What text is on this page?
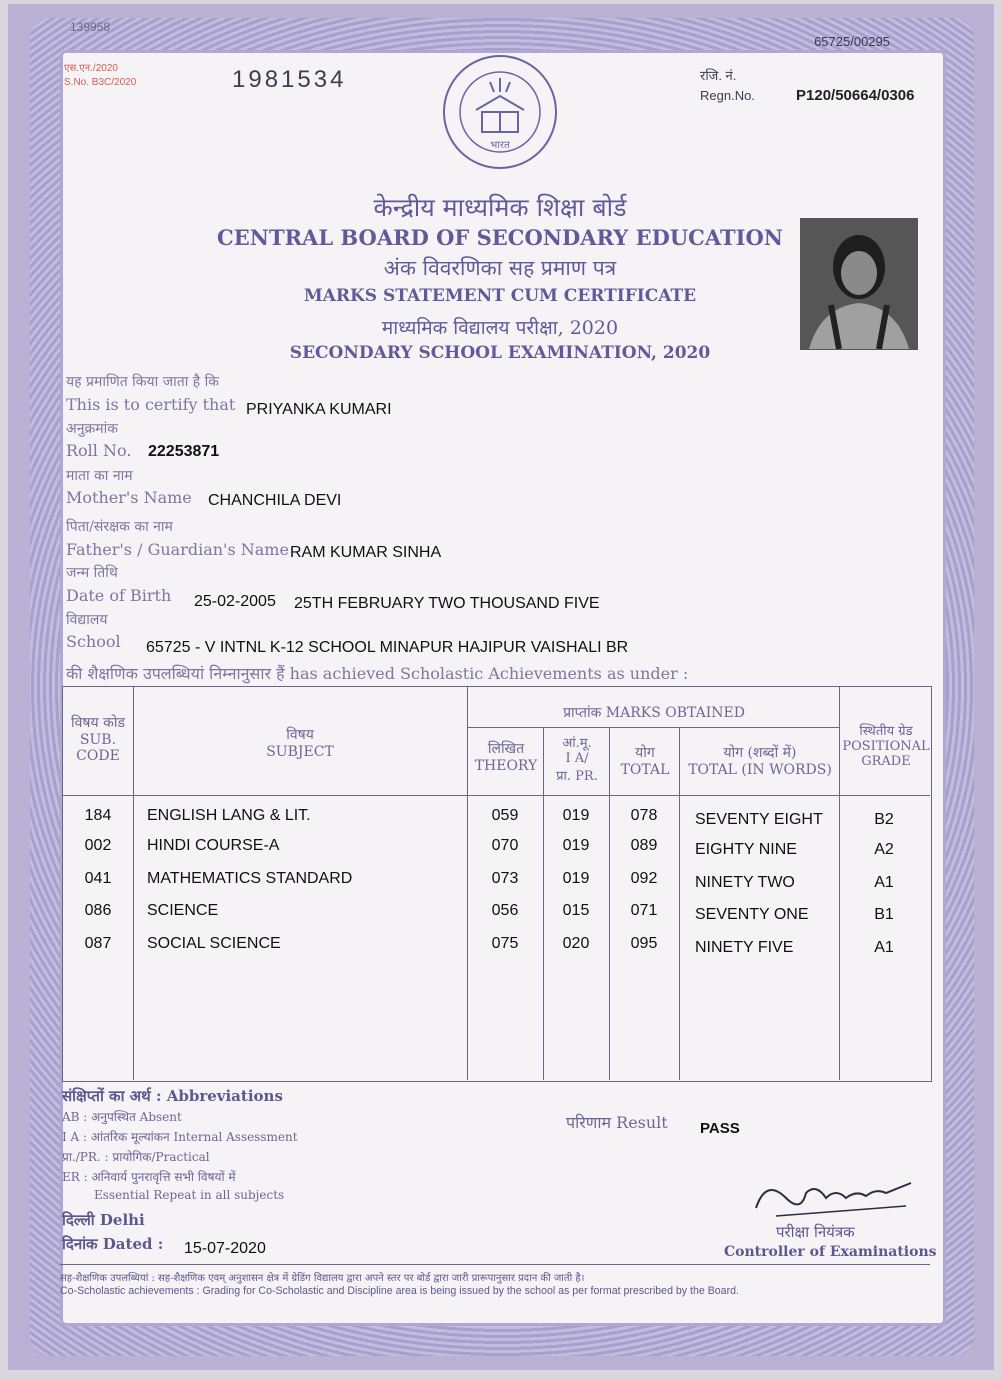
139958
65725/00295
एस.एन./2020
S.No. B3C/2020	1981534	रजि. नं.
Regn.No.	P120/50664/0306
भारत
केन्द्रीय माध्यमिक शिक्षा बोर्ड
CENTRAL BOARD OF SECONDARY EDUCATION
अंक विवरणिका सह प्रमाण पत्र
MARKS STATEMENT CUM CERTIFICATE
माध्यमिक विद्यालय परीक्षा, 2020
SECONDARY SCHOOL EXAMINATION, 2020
यह प्रमाणित किया जाता है कि
This is to certify that PRIYANKA KUMARI
अनुक्रमांक
Roll No. 22253871
माता का नाम
Mother's Name CHANCHILA DEVI
पिता/संरक्षक का नाम
Father's / Guardian's Name RAM KUMAR SINHA
जन्म तिथि
Date of Birth 25-02-2005 25TH FEBRUARY TWO THOUSAND FIVE
विद्यालय
School 65725 - V INTNL K-12 SCHOOL MINAPUR HAJIPUR VAISHALI BR
की शैक्षणिक उपलब्धियां निम्नानुसार हैं has achieved Scholastic Achievements as under :
विषय कोड
SUB.
CODE
विषय
SUBJECT
प्राप्तांक MARKS OBTAINED
लिखित
THEORY
आं.मू.
I A/
प्रा. PR.
योग
TOTAL
योग (शब्दों में)
TOTAL (IN WORDS)
स्थितीय ग्रेड
POSITIONAL
GRADE
184	ENGLISH LANG & LIT.	059	019	078	SEVENTY EIGHT	B2
002	HINDI COURSE-A	070	019	089	EIGHTY NINE	A2
041	MATHEMATICS STANDARD	073	019	092	NINETY TWO	A1
086	SCIENCE	056	015	071	SEVENTY ONE	B1
087	SOCIAL SCIENCE	075	020	095	NINETY FIVE	A1
संक्षिप्तों का अर्थ : Abbreviations
AB : अनुपस्थित Absent
I A : आंतरिक मूल्यांकन Internal Assessment
प्रा./PR. : प्रायोगिक/Practical
ER : अनिवार्य पुनरावृत्ति सभी विषयों में
Essential Repeat in all subjects
परिणाम Result PASS
दिल्ली Delhi
दिनांक Dated : 15-07-2020
परीक्षा नियंत्रक
Controller of Examinations
सह-शैक्षणिक उपलब्धियां : सह-शैक्षणिक एवम् अनुशासन क्षेत्र में ग्रेडिंग विद्यालय द्वारा अपने स्तर पर बोर्ड द्वारा जारी प्रारूपानुसार प्रदान की जाती है।
Co-Scholastic achievements : Grading for Co-Scholastic and Discipline area is being issued by the school as per format prescribed by the Board.
